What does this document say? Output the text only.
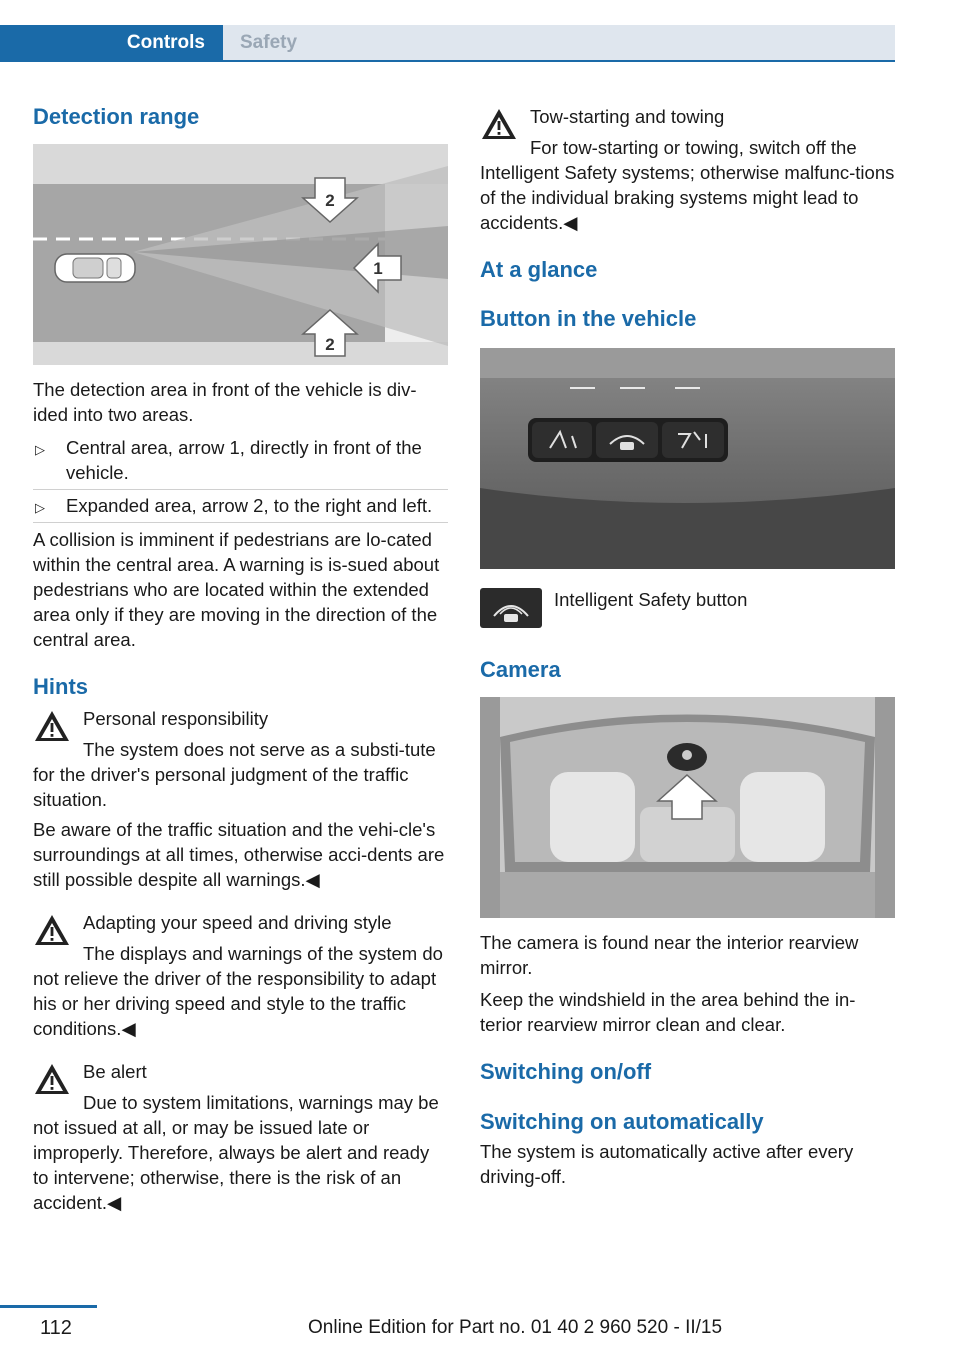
Controls	Safety
Detection range
2
1
2

The detection area in front of the vehicle is div‐ided into two areas.

▷ Central area, arrow 1, directly in front of the vehicle.
▷ Expanded area, arrow 2, to the right and left.

A collision is imminent if pedestrians are lo‐cated within the central area. A warning is is‐sued about pedestrians who are located within the extended area only if they are moving in the direction of the central area.

Hints
Personal responsibility

The system does not serve as a substi‐tute for the driver's personal judgment of the traffic situation.

Be aware of the traffic situation and the vehi‐cle's surroundings at all times, otherwise acci‐dents are still possible despite all warnings.◀

Adapting your speed and driving style

The displays and warnings of the system do not relieve the driver of the responsibility to adapt his or her driving speed and style to the traffic conditions.◀

Be alert

Due to system limitations, warnings may be not issued at all, or may be issued late or improperly. Therefore, always be alert and ready to intervene; otherwise, there is the risk of an accident.◀

Tow-starting and towing

For tow-starting or towing, switch off the Intelligent Safety systems; otherwise malfunc‐tions of the individual braking systems might lead to accidents.◀

At a glance
Button in the vehicle
Intelligent Safety button
Camera

The camera is found near the interior rearview mirror.

Keep the windshield in the area behind the in‐terior rearview mirror clean and clear.

Switching on/off
Switching on automatically

The system is automatically active after every driving-off.

112	Online Edition for Part no. 01 40 2 960 520 - II/15
